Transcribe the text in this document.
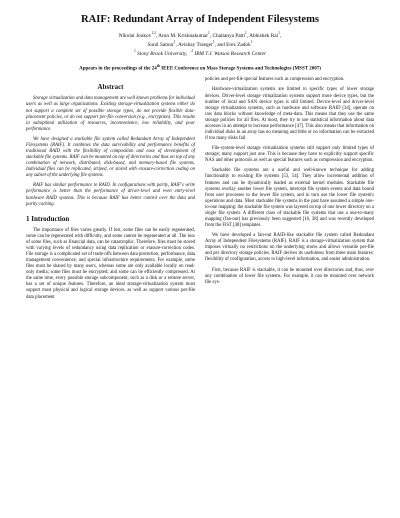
RAIF: Redundant Array of Independent Filesystems
Nikolai Joukov$^{1,2}$, Arun M. Krishnakumar$^1$, Chaitanya Patti$^1$, Abhishek Rai$^1$,
Sunil Satnur$^1$, Avishay Traeger$^1$, and Erez Zadok$^1$
$^1$ Stony Brook University, $^2$ IBM T.J. Watson Research Center
Appears in the proceedings of the 24th IEEE Conference on Mass Storage Systems and Technologies (MSST 2007)
Abstract

Storage virtualization and data management are well known problems for individual users as well as large organizations. Existing storage-virtualization systems either do not support a complete set of possible storage types, do not provide flexible data-placement policies, or do not support per-file conversion (e.g., encryption). This results in suboptimal utilization of resources, inconvenience, low reliability, and poor performance.

We have designed a stackable file system called Redundant Array of Independent Filesystems (RAIF). It combines the data survivability and performance benefits of traditional RAID with the flexibility of composition and ease of development of stackable file systems. RAIF can be mounted on top of directories and thus on top of any combination of network, distributed, disk-based, and memory-based file systems. Individual files can be replicated, striped, or stored with erasure-correction coding on any subset of the underlying file systems.

RAIF has similar performance to RAID. In configurations with parity, RAIF's write performance is better than the performance of driver-level and even entry-level hardware RAID systems. This is because RAIF has better control over the data and parity caching.

1 Introduction

The importance of files varies greatly. If lost, some files can be easily regenerated, some can be regenerated with difficulty, and some cannot be regenerated at all. The loss of some files, such as financial data, can be catastrophic. Therefore, files must be stored with varying levels of redundancy using data replication or erasure-correction codes. File storage is a complicated set of trade-offs between data protection, performance, data management convenience, and special infrastructure requirements. For example, some files must be shared by many users, whereas some are only available locally on read-only media; some files must be encrypted; and some can be efficiently compressed. At the same time, every possible storage subcomponent, such as a disk or a remote server, has a set of unique features. Therefore, an ideal storage-virtualization system must support most physical and logical storage devices, as well as support various per-file data placement

policies and per-file special features such as compression and encryption.

Hardware-virtualization systems are limited to specific types of lower storage devices. Driver-level storage virtualization systems support more device types, but the number of local and SAN device types is still limited. Device-level and driver-level storage virtualization systems, such as hardware and software RAID [34], operate on raw data blocks without knowledge of meta-data. This means that they use the same storage policies for all files. At most, they try to use statistical information about data accesses in an attempt to increase performance [47]. This also means that information on individual disks in an array has no meaning and little or no information can be extracted if too many disks fail.

File-system-level storage virtualization systems still support only limited types of storage; many support just one. This is because they have to explicitly support specific NAS and other protocols as well as special features such as compression and encryption.

Stackable file systems are a useful and well-known technique for adding functionality to existing file systems [53, 54]. They allow incremental addition of features and can be dynamically loaded as external kernel modules. Stackable file systems overlay another lower file system, intercept file system events and data bound from user processes to the lower file system, and in turn use the lower file system's operations and data. Most stackable file systems in the past have assumed a simple one-to-one mapping: the stackable file system was layered on top of one lower directory on a single file system. A different class of stackable file systems that use a one-to-many mapping (fan-out) has previously been suggested [16, 38] and was recently developed from the FiST [48] templates.

We have developed a fan-out RAID-like stackable file system called Redundant Array of Independent Filesystems (RAIF). RAIF is a storage-virtualization system that imposes virtually no restrictions on the underlying stores and allows versatile per-file and per directory storage policies. RAIF derives its usefulness from three main features: flexibility of configuration, access to high-level information, and easier administration.

First, because RAIF is stackable, it can be mounted over directories and, thus, over any combination of lower file systems. For example, it can be mounted over network file sys-
